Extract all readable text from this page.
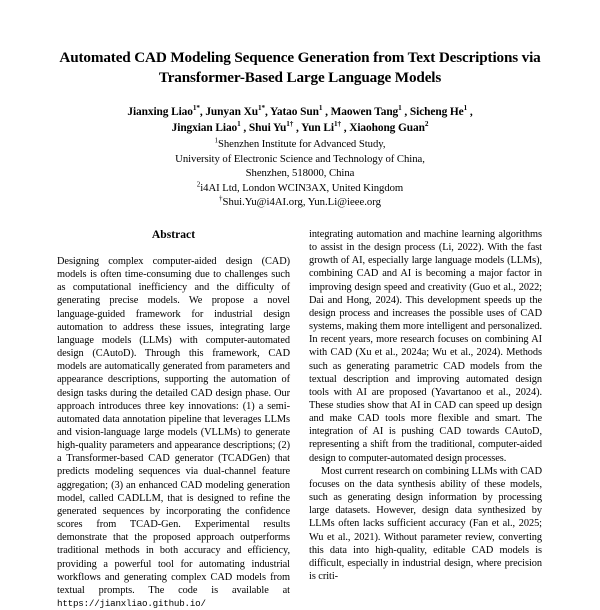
Automated CAD Modeling Sequence Generation from Text Descriptions via
Transformer-Based Large Language Models
Jianxing Liao$^{1*}$, Junyan $Xu^{1*}$, Yatao Sun$^1$ , Maowen Tang$^1$ , Sicheng He$^1$ ,
Jingxian Liao$^1$ , Shui $Yu^{1\dagger}$ , Yun $Li^{1\dagger}$ , Xiaohong Guan$^2$
$^1$Shenzhen Institute for Advanced Study,
University of Electronic Science and Technology of China,
Shenzhen, 518000, China
$^2$i4AI Ltd, London WCIN3AX, United Kingdom
†Shui.Yu@i4AI.org, Yun.Li@ieee.org
Abstract

Designing complex computer-aided design (CAD) models is often time-consuming due to challenges such as computational inefficiency and the difficulty of generating precise models. We propose a novel language-guided framework for industrial design automation to address these issues, integrating large language models (LLMs) with computer-automated design (CAutoD). Through this framework, CAD models are automatically generated from parameters and appearance descriptions, supporting the automation of design tasks during the detailed CAD design phase. Our approach introduces three key innovations: (1) a semi-automated data annotation pipeline that leverages LLMs and vision-language large models (VLLMs) to generate high-quality parameters and appearance descriptions; (2) a Transformer-based CAD generator (TCADGen) that predicts modeling sequences via dual-channel feature aggregation; (3) an enhanced CAD modeling generation model, called CADLLM, that is designed to refine the generated sequences by incorporating the confidence scores from TCAD-Gen. Experimental results demonstrate that the proposed approach outperforms traditional methods in both accuracy and efficiency, providing a powerful tool for automating industrial workflows and generating complex CAD models from textual prompts. The code is available at https://jianxliao.github.io/

integrating automation and machine learning algorithms to assist in the design process (Li, 2022). With the fast growth of AI, especially large language models (LLMs), combining CAD and AI is becoming a major factor in improving design speed and creativity (Guo et al., 2022; Dai and Hong, 2024). This development speeds up the design process and increases the possible uses of CAD systems, making them more intelligent and personalized. In recent years, more research focuses on combining AI with CAD (Xu et al., 2024a; Wu et al., 2024). Methods such as generating parametric CAD models from the textual description and improving automated design tools with AI are proposed (Yavartanoo et al., 2024). These studies show that AI in CAD can speed up design and make CAD tools more flexible and smart. The integration of AI is pushing CAD towards CAutoD, representing a shift from the traditional, computer-aided design to computer-automated design processes.

Most current research on combining LLMs with CAD focuses on the data synthesis ability of these models, such as generating design information by processing large datasets. However, design data synthesized by LLMs often lacks sufficient accuracy (Fan et al., 2025; Wu et al., 2021). Without parameter review, converting this data into high-quality, editable CAD models is difficult, especially in industrial design, where precision is criti-
